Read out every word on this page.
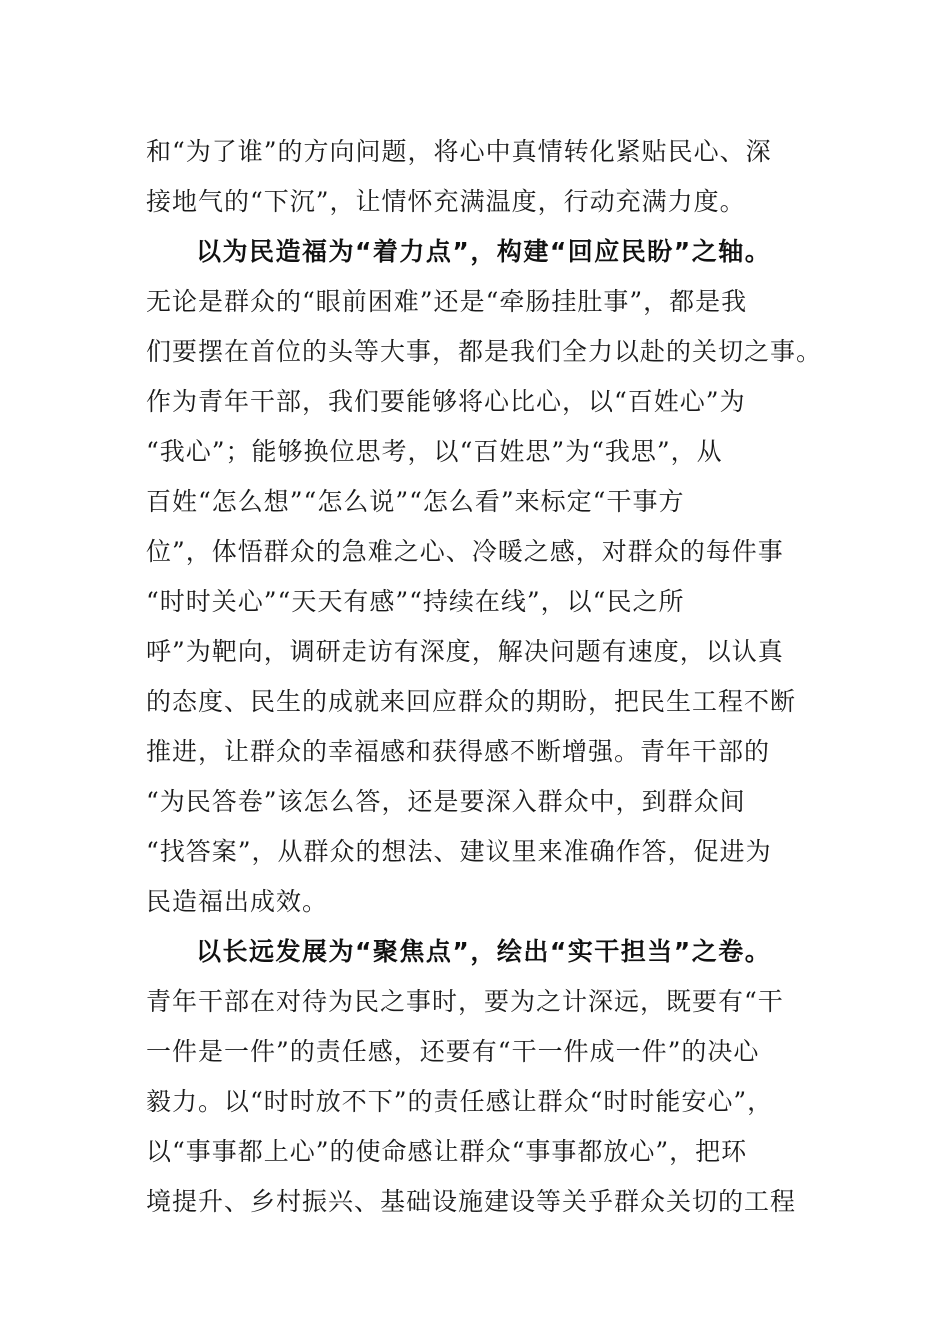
和“为了谁”的方向问题，将心中真情转化紧贴民心、深
接地气的“下沉”，让情怀充满温度，行动充满力度。
以为民造福为“着力点”，构建“回应民盼”之轴。
无论是群众的“眼前困难”还是“牵肠挂肚事”，都是我
们要摆在首位的头等大事，都是我们全力以赴的关切之事。
作为青年干部，我们要能够将心比心，以“百姓心”为
“我心”；能够换位思考，以“百姓思”为“我思”，从
百姓“怎么想”“怎么说”“怎么看”来标定“干事方
位”，体悟群众的急难之心、冷暖之感，对群众的每件事
“时时关心”“天天有感”“持续在线”，以“民之所
呼”为靶向，调研走访有深度，解决问题有速度，以认真
的态度、民生的成就来回应群众的期盼，把民生工程不断
推进，让群众的幸福感和获得感不断增强。青年干部的
“为民答卷”该怎么答，还是要深入群众中，到群众间
“找答案”，从群众的想法、建议里来准确作答，促进为
民造福出成效。
以长远发展为“聚焦点”，绘出“实干担当”之卷。
青年干部在对待为民之事时，要为之计深远，既要有“干
一件是一件”的责任感，还要有“干一件成一件”的决心
毅力。以“时时放不下”的责任感让群众“时时能安心”，
以“事事都上心”的使命感让群众“事事都放心”，把环
境提升、乡村振兴、基础设施建设等关乎群众关切的工程
